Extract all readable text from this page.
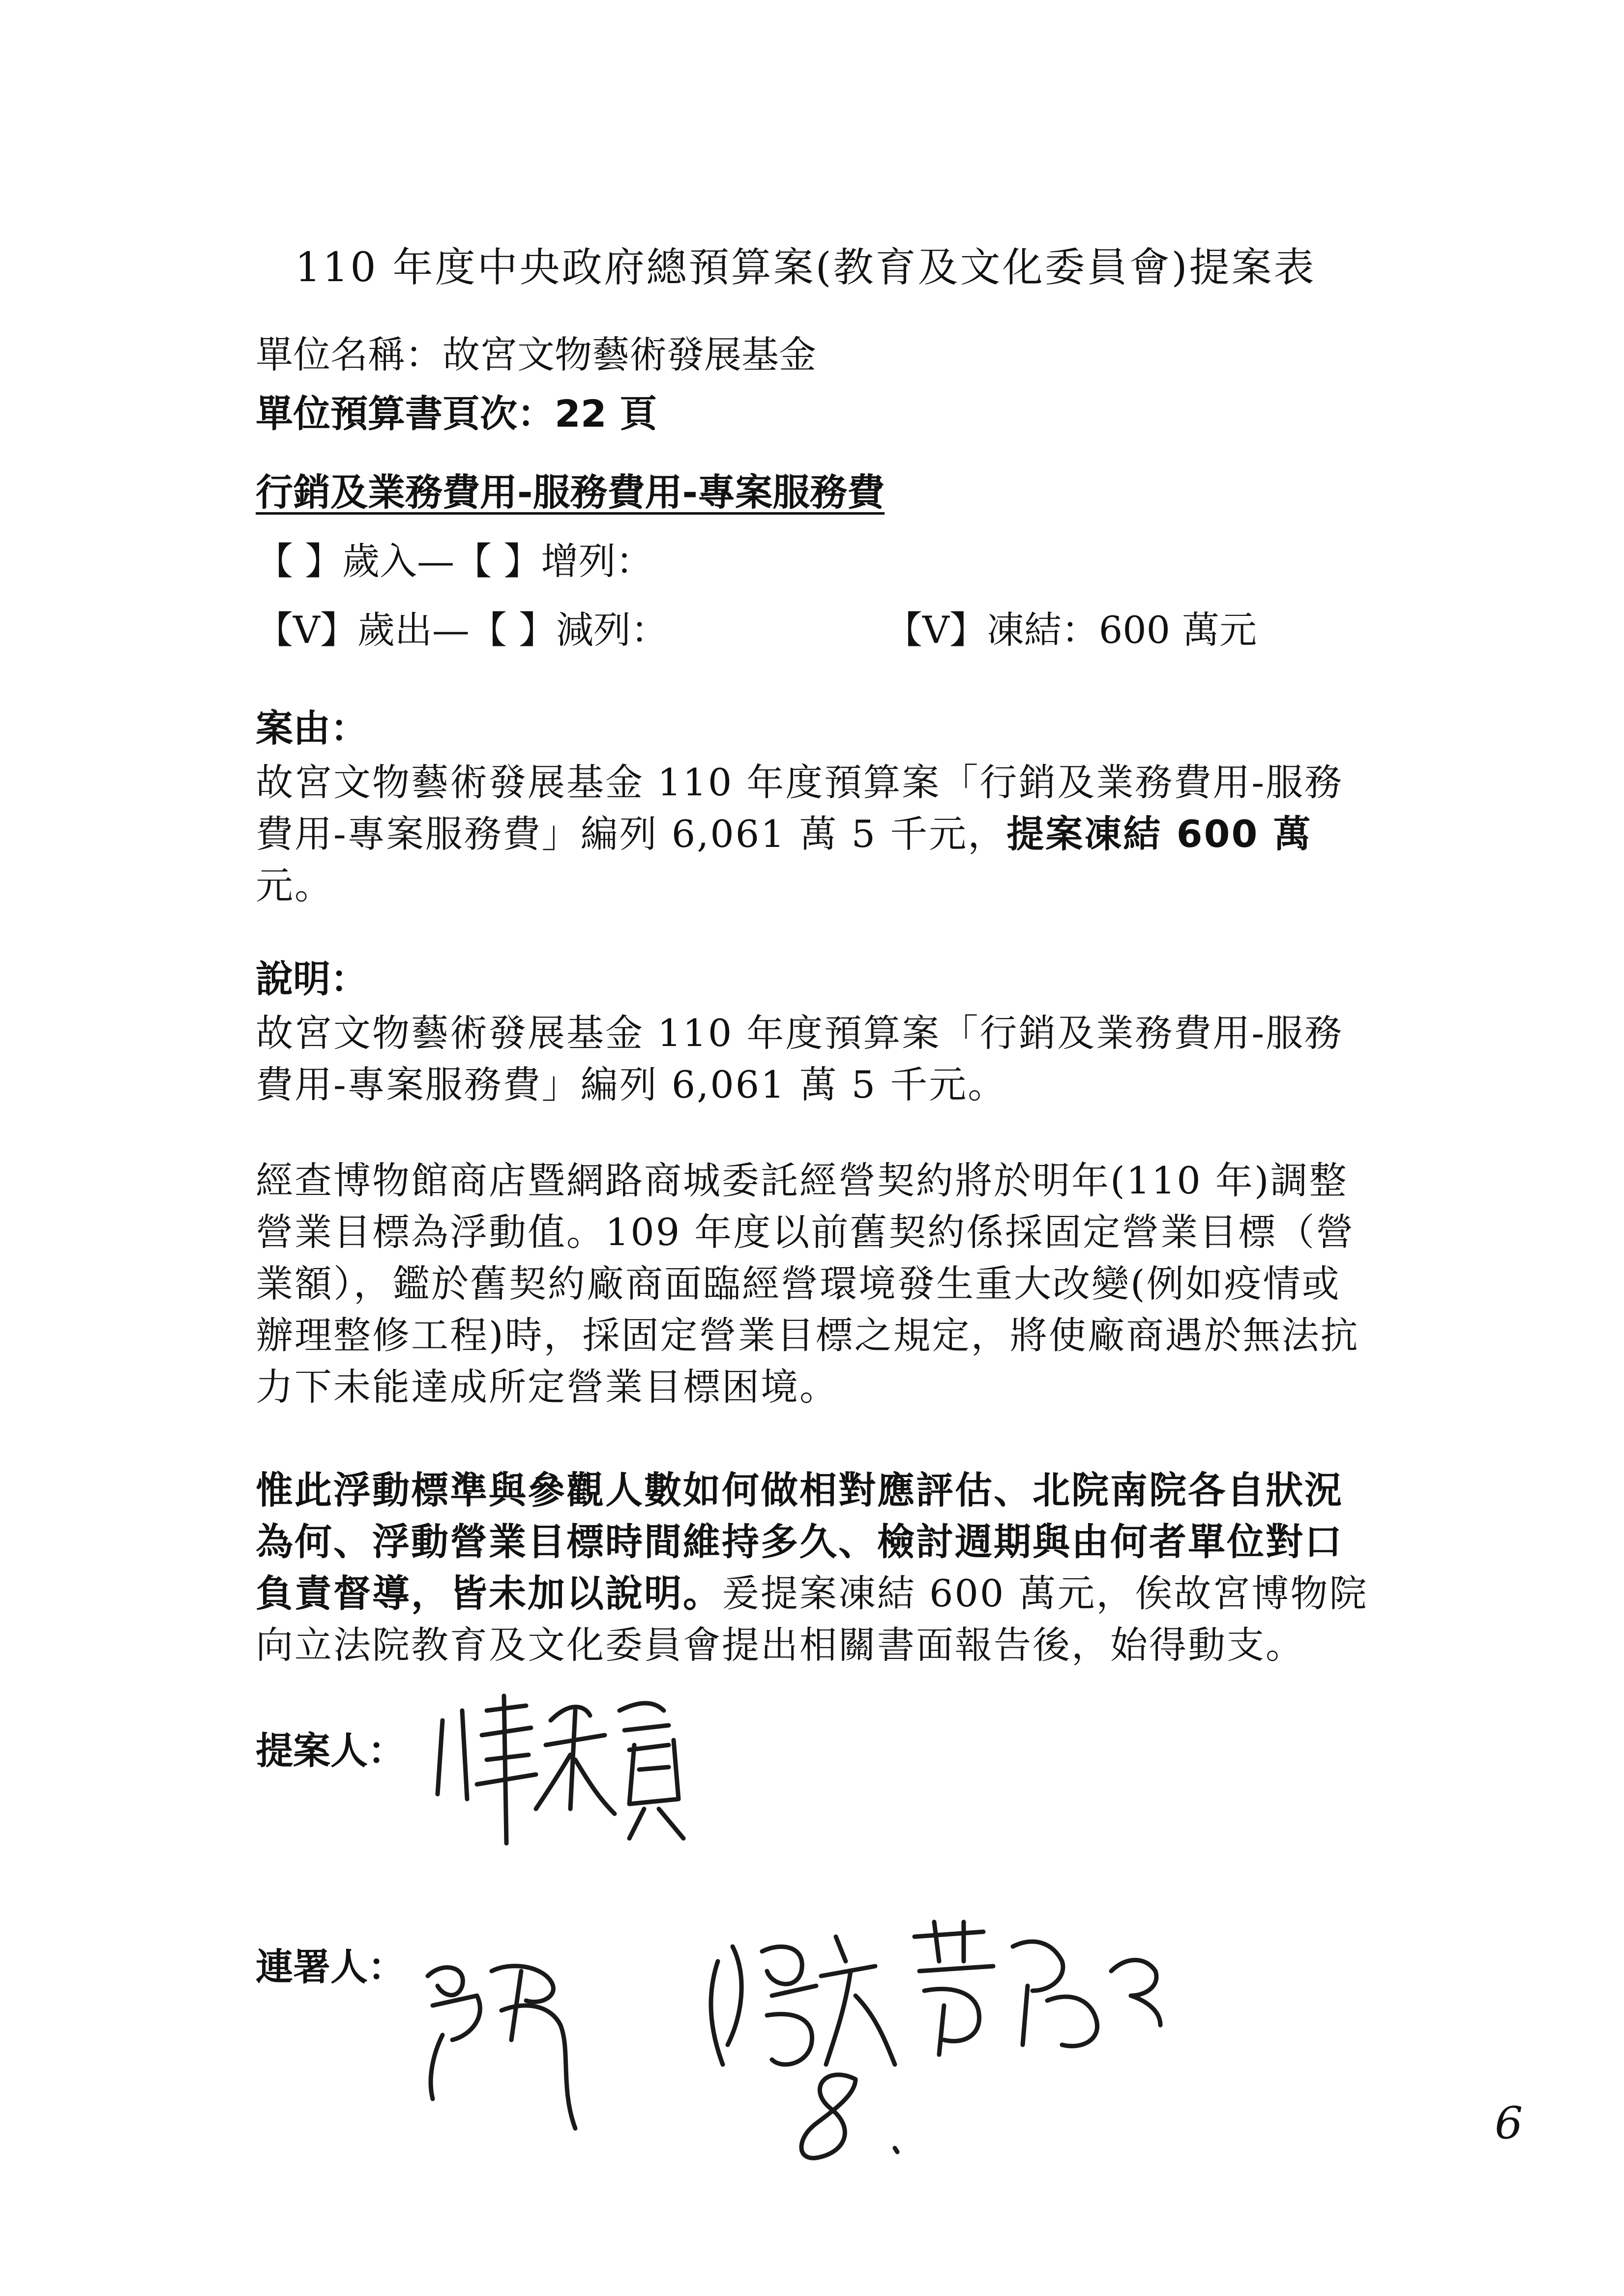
110 年度中央政府總預算案(教育及文化委員會)提案表
單位名稱：故宮文物藝術發展基金
單位預算書頁次：22 頁
行銷及業務費用-服務費用-專案服務費
【 】歲入—【 】增列：
【V】歲出—【 】減列：	【V】凍結：600 萬元
案由：
故宮文物藝術發展基金 110 年度預算案「行銷及業務費用-服務
費用-專案服務費」編列 6,061 萬 5 千元，提案凍結 600 萬
元。
說明：
故宮文物藝術發展基金 110 年度預算案「行銷及業務費用-服務
費用-專案服務費」編列 6,061 萬 5 千元。
經查博物館商店暨網路商城委託經營契約將於明年(110 年)調整
營業目標為浮動值。109 年度以前舊契約係採固定營業目標（營
業額），鑑於舊契約廠商面臨經營環境發生重大改變(例如疫情或
辦理整修工程)時，採固定營業目標之規定，將使廠商遇於無法抗
力下未能達成所定營業目標困境。
惟此浮動標準與參觀人數如何做相對應評估、北院南院各自狀況
為何、浮動營業目標時間維持多久、檢討週期與由何者單位對口
負責督導，皆未加以說明。爰提案凍結 600 萬元，俟故宮博物院
向立法院教育及文化委員會提出相關書面報告後，始得動支。
提案人：
連署人：
6
